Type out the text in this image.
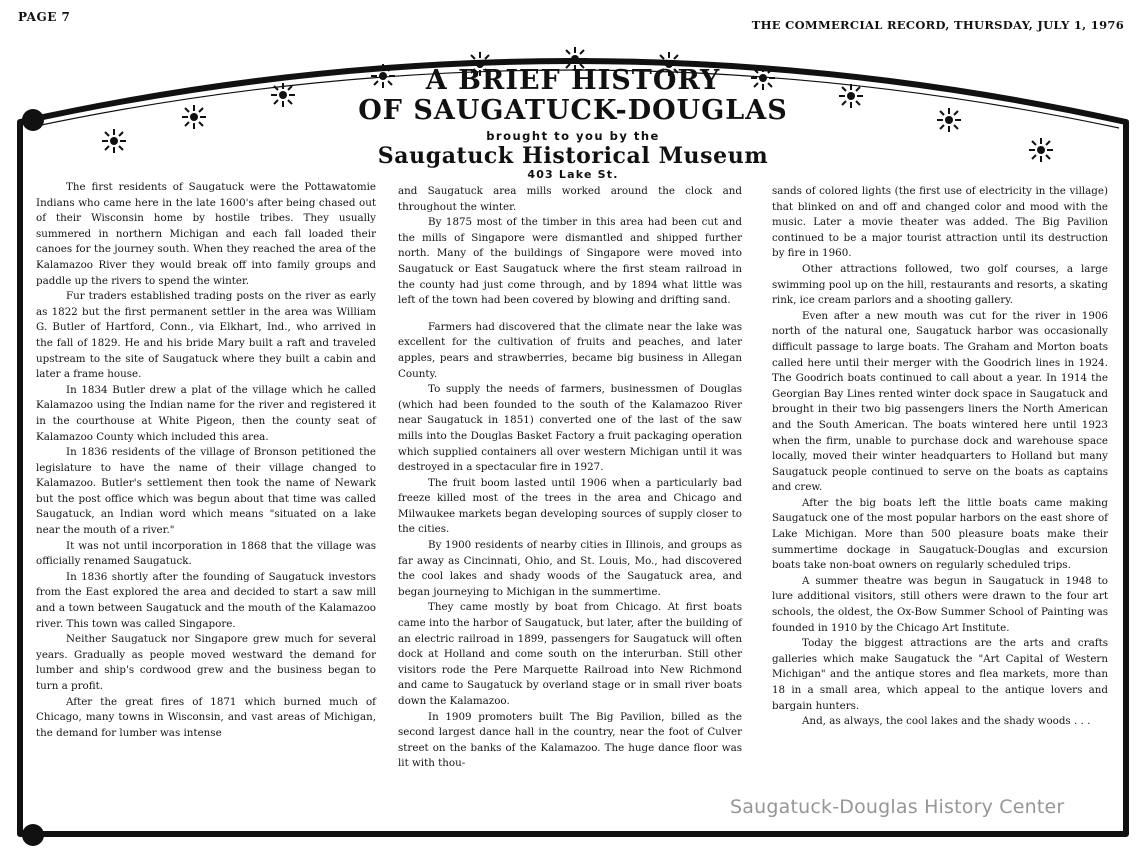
PAGE 7
THE COMMERCIAL RECORD, THURSDAY, JULY 1, 1976
A BRIEF HISTORY
OF SAUGATUCK-DOUGLAS
brought to you by the
Saugatuck Historical Museum
403 Lake St.

The first residents of Saugatuck were the Pottawatomie Indians who came here in the late 1600's after being chased out of their Wisconsin home by hostile tribes. They usually summered in northern Michigan and each fall loaded their canoes for the journey south. When they reached the area of the Kalamazoo River they would break off into family groups and paddle up the rivers to spend the winter.

Fur traders established trading posts on the river as early as 1822 but the first permanent settler in the area was William G. Butler of Hartford, Conn., via Elkhart, Ind., who arrived in the fall of 1829. He and his bride Mary built a raft and traveled upstream to the site of Saugatuck where they built a cabin and later a frame house.

In 1834 Butler drew a plat of the village which he called Kalamazoo using the Indian name for the river and registered it in the courthouse at White Pigeon, then the county seat of Kalamazoo County which included this area.

In 1836 residents of the village of Bronson petitioned the legislature to have the name of their village changed to Kalamazoo. Butler's settlement then took the name of Newark but the post office which was begun about that time was called Saugatuck, an Indian word which means "situated on a lake near the mouth of a river."

It was not until incorporation in 1868 that the village was officially renamed Saugatuck.

In 1836 shortly after the founding of Saugatuck investors from the East explored the area and decided to start a saw mill and a town between Saugatuck and the mouth of the Kalamazoo river. This town was called Singapore.

Neither Saugatuck nor Singapore grew much for several years. Gradually as people moved westward the demand for lumber and ship's cordwood grew and the business began to turn a profit.

After the great fires of 1871 which burned much of Chicago, many towns in Wisconsin, and vast areas of Michigan, the demand for lumber was intense

and Saugatuck area mills worked around the clock and throughout the winter.

By 1875 most of the timber in this area had been cut and the mills of Singapore were dismantled and shipped further north. Many of the buildings of Singapore were moved into Saugatuck or East Saugatuck where the first steam railroad in the county had just come through, and by 1894 what little was left of the town had been covered by blowing and drifting sand.

Farmers had discovered that the climate near the lake was excellent for the cultivation of fruits and peaches, and later apples, pears and strawberries, became big business in Allegan County.

To supply the needs of farmers, businessmen of Douglas (which had been founded to the south of the Kalamazoo River near Saugatuck in 1851) converted one of the last of the saw mills into the Douglas Basket Factory a fruit packaging operation which supplied containers all over western Michigan until it was destroyed in a spectacular fire in 1927.

The fruit boom lasted until 1906 when a particularly bad freeze killed most of the trees in the area and Chicago and Milwaukee markets began developing sources of supply closer to the cities.

By 1900 residents of nearby cities in Illinois, and groups as far away as Cincinnati, Ohio, and St. Louis, Mo., had discovered the cool lakes and shady woods of the Saugatuck area, and began journeying to Michigan in the summertime.

They came mostly by boat from Chicago. At first boats came into the harbor of Saugatuck, but later, after the building of an electric railroad in 1899, passengers for Saugatuck will often dock at Holland and come south on the interurban. Still other visitors rode the Pere Marquette Railroad into New Richmond and came to Saugatuck by overland stage or in small river boats down the Kalamazoo.

In 1909 promoters built The Big Pavilion, billed as the second largest dance hall in the country, near the foot of Culver street on the banks of the Kalamazoo. The huge dance floor was lit with thou-

sands of colored lights (the first use of electricity in the village) that blinked on and off and changed color and mood with the music. Later a movie theater was added. The Big Pavilion continued to be a major tourist attraction until its destruction by fire in 1960.

Other attractions followed, two golf courses, a large swimming pool up on the hill, restaurants and resorts, a skating rink, ice cream parlors and a shooting gallery.

Even after a new mouth was cut for the river in 1906 north of the natural one, Saugatuck harbor was occasionally difficult passage to large boats. The Graham and Morton boats called here until their merger with the Goodrich lines in 1924. The Goodrich boats continued to call about a year. In 1914 the Georgian Bay Lines rented winter dock space in Saugatuck and brought in their two big passengers liners the North American and the South American. The boats wintered here until 1923 when the firm, unable to purchase dock and warehouse space locally, moved their winter headquarters to Holland but many Saugatuck people continued to serve on the boats as captains and crew.

After the big boats left the little boats came making Saugatuck one of the most popular harbors on the east shore of Lake Michigan. More than 500 pleasure boats make their summertime dockage in Saugatuck-Douglas and excursion boats take non-boat owners on regularly scheduled trips.

A summer theatre was begun in Saugatuck in 1948 to lure additional visitors, still others were drawn to the four art schools, the oldest, the Ox-Bow Summer School of Painting was founded in 1910 by the Chicago Art Institute.

Today the biggest attractions are the arts and crafts galleries which make Saugatuck the "Art Capital of Western Michigan" and the antique stores and flea markets, more than 18 in a small area, which appeal to the antique lovers and bargain hunters.

And, as always, the cool lakes and the shady woods . . .

Saugatuck-Douglas History Center
